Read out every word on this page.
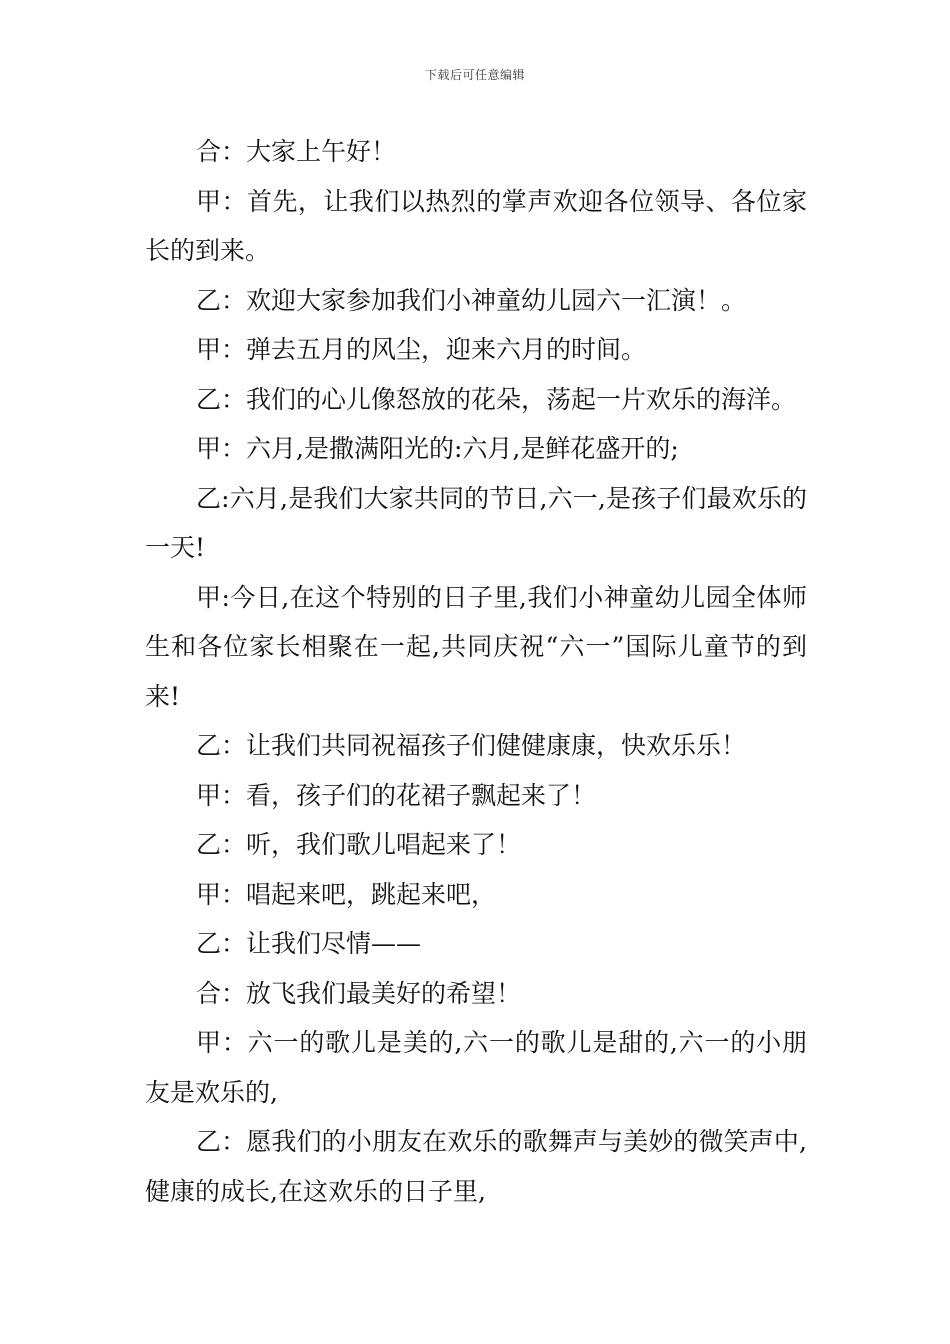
下载后可任意编辑

合：大家上午好！

甲：首先，让我们以热烈的掌声欢迎各位领导、各位家长的到来。

乙：欢迎大家参加我们小神童幼儿园六一汇演！。

甲：弹去五月的风尘，迎来六月的时间。

乙：我们的心儿像怒放的花朵，荡起一片欢乐的海洋。

甲：六月,是撒满阳光的:六月,是鲜花盛开的;

乙:六月,是我们大家共同的节日,六一,是孩子们最欢乐的一天!

甲:今日,在这个特别的日子里,我们小神童幼儿园全体师生和各位家长相聚在一起,共同庆祝“六一”国际儿童节的到来!

乙：让我们共同祝福孩子们健健康康，快欢乐乐！

甲：看，孩子们的花裙子飘起来了！

乙：听，我们歌儿唱起来了！

甲：唱起来吧，跳起来吧，

乙：让我们尽情——

合：放飞我们最美好的希望！

甲：六一的歌儿是美的,六一的歌儿是甜的,六一的小朋友是欢乐的,

乙：愿我们的小朋友在欢乐的歌舞声与美妙的微笑声中,健康的成长,在这欢乐的日子里,
